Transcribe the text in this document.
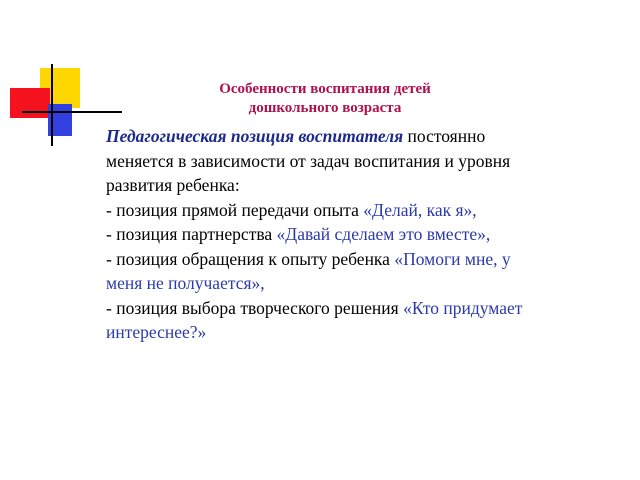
Особенности воспитания детей
дошкольного возраста

Педагогическая позиция воспитателя постоянно меняется в зависимости от задач воспитания и уровня развития ребенка:

- позиция прямой передачи опыта «Делай, как я»,

- позиция партнерства «Давай сделаем это вместе»,

- позиция обращения к опыту ребенка «Помоги мне, у меня не получается»,

- позиция выбора творческого решения «Кто придумает интереснее?»
